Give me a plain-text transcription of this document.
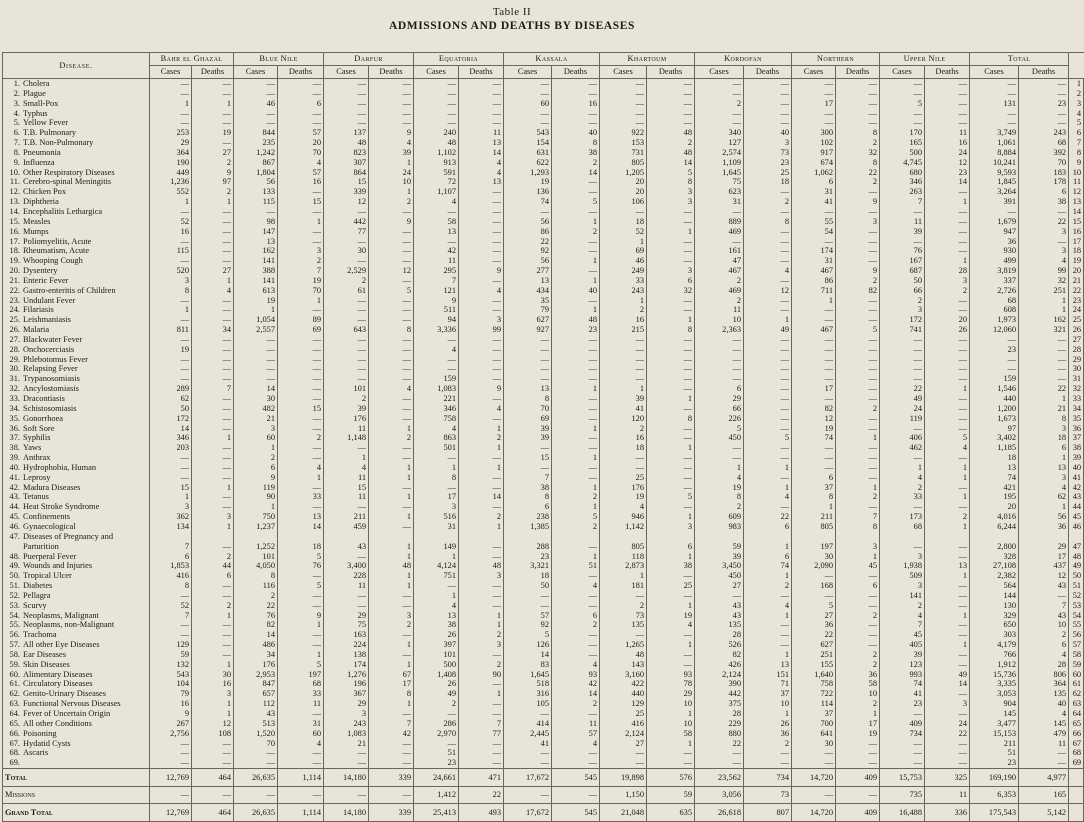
Table II
ADMISSIONS AND DEATHS BY DISEASES
Disease.	Bahr el Ghazal		Blue Nile		Darfur		Equatoria		Kassala		Khartoum		Kordofan		Northern		Upper Nile		Total		
	Cases	Deaths	Cases	Deaths	Cases	Deaths	Cases	Deaths	Cases	Deaths	Cases	Deaths	Cases	Deaths	Cases	Deaths	Cases	Deaths	Cases	Deaths	
1. Cholera	—	—	—	—	—	—	—	—	—	—	—	—	—	—	—	—	—	—	—	—	1
2. Plague	—	—	—	—	—	—	—	—	—	—	—	—	—	—	—	—	—	—	—	—	2
3. Small-Pox	1	1	46	6	—	—	—	—	60	16	—	—	2	—	17	—	5	—	131	23	3
4. Typhus	—	—	—	—	—	—	—	—	—	—	—	—	—	—	—	—	—	—	—	—	4
5. Yellow Fever	—	—	—	—	—	—	—	—	—	—	—	—	—	—	—	—	—	—	—	—	5
6. T.B. Pulmonary	253	19	844	57	137	9	240	11	543	40	922	48	340	40	300	8	170	11	3,749	243	6
7. T.B. Non-Pulmonary	29	—	235	20	48	4	48	13	154	8	153	2	127	3	102	2	165	16	1,061	68	7
8. Pneumonia	364	27	1,242	70	823	39	1,102	14	631	38	731	48	2,574	73	917	32	500	24	8,884	392	8
9. Influenza	190	2	867	4	307	1	913	4	622	2	805	14	1,109	23	674	8	4,745	12	10,241	70	9
10. Other Respiratory Diseases	449	9	1,804	57	864	24	591	4	1,293	14	1,205	5	1,645	25	1,062	22	680	23	9,593	183	10
11. Cerebro-spinal Meningitis	1,236	97	56	16	15	10	72	13	19	—	20	8	75	18	6	2	346	14	1,845	178	11
12. Chicken Pox	552	2	133	—	339	1	1,107	—	136	—	20	3	623	—	31	—	263	—	3,264	6	12
13. Diphtheria	1	1	115	15	12	2	4	—	74	5	106	3	31	2	41	9	7	1	391	38	13
14. Encephalitis Lethargica	—	—	—	—	—	—	—	—	—	—	—	—	—	—	—	—	—	—	—	—	14
15. Measles	52	—	98	1	442	9	58	—	56	1	18	—	889	8	55	3	11	—	1,679	22	15
16. Mumps	16	—	147	—	77	—	13	—	86	2	52	1	469	—	54	—	39	—	947	3	16
17. Poliomyelitis, Acute	—	—	13	—	—	—	—	—	22	—	1	—	—	—	—	—	—	—	36	—	17
18. Rheumatism, Acute	115	—	162	3	30	—	42	—	92	—	69	—	161	—	174	—	76	—	930	3	18
19. Whooping Cough	—	—	141	2	—	—	11	—	56	1	46	—	47	—	31	—	167	1	499	4	19
20. Dysentery	520	27	388	7	2,529	12	295	9	277	—	249	3	467	4	467	9	687	28	3,819	99	20
21. Enteric Fever	3	1	141	19	2	—	7	—	13	1	33	6	2	—	86	2	50	3	337	32	21
22. Gastro-enteritis of Children	8	4	613	70	61	5	121	4	434	40	243	32	469	12	711	82	66	2	2,726	251	22
23. Undulant Fever	—	—	19	1	—	—	9	—	35	—	1	—	2	—	1	—	2	—	68	1	23
24. Filariasis	1	—	1	—	—	—	511	—	79	1	2	—	11	—	—	—	3	—	608	1	24
25. Leishmaniasis	—	—	1,054	89	—	—	94	3	627	48	16	1	10	1	—	—	172	20	1,973	162	25
26. Malaria	811	34	2,557	69	643	8	3,336	99	927	23	215	8	2,363	49	467	5	741	26	12,060	321	26
27. Blackwater Fever	—	—	—	—	—	—	—	—	—	—	—	—	—	—	—	—	—	—	—	—	27
28. Onchocerciasis	19	—	—	—	—	—	4	—	—	—	—	—	—	—	—	—	—	—	23	—	28
29. Phlebotomus Fever	—	—	—	—	—	—	—	—	—	—	—	—	—	—	—	—	—	—	—	—	29
30. Relapsing Fever	—	—	—	—	—	—	—	—	—	—	—	—	—	—	—	—	—	—	—	—	30
31. Trypanosomiasis	—	—	—	—	—	—	159	—	—	—	—	—	—	—	—	—	—	—	159	—	31
32. Ancylostomiasis	289	7	14	—	101	4	1,083	9	13	1	1	—	6	—	17	—	22	1	1,546	22	32
33. Dracontiasis	62	—	30	—	2	—	221	—	8	—	39	1	29	—	—	—	49	—	440	1	33
34. Schistosomiasis	50	—	482	15	39	—	346	4	70	—	41	—	66	—	82	2	24	—	1,200	21	34
35. Gonorrhoea	172	—	21	—	176	—	758	—	69	—	120	8	226	—	12	—	119	—	1,673	8	35
36. Soft Sore	14	—	3	—	11	1	4	1	39	1	2	—	5	—	19	—	—	—	97	3	36
37. Syphilis	346	1	60	2	1,148	2	863	2	39	—	16	—	450	5	74	1	406	5	3,402	18	37
38. Yaws	203	—	1	—	—	—	501	1	—	—	18	1	—	—	—	—	462	4	1,185	6	38
39. Anthrax	—	—	2	—	1	—	—	—	15	1	—	—	—	—	—	—	—	—	18	1	39
40. Hydrophobia, Human	—	—	6	4	4	1	1	1	—	—	—	—	1	1	—	—	1	1	13	13	40
41. Leprosy	—	—	9	1	11	1	8	—	7	—	25	—	4	—	6	—	4	1	74	3	41
42. Madura Diseases	15	1	119	—	15	—	—	—	38	1	176	—	19	1	37	1	2	—	421	4	42
43. Tetanus	1	—	90	33	11	1	17	14	8	2	19	5	8	4	8	2	33	1	195	62	43
44. Heat Stroke Syndrome	3	—	1	—	—	—	3	—	6	1	4	—	2	—	1	—	—	—	20	1	44
45. Confinements	362	3	750	13	211	1	516	2	238	5	946	1	609	22	211	7	173	2	4,016	56	45
46. Gynaecological	134	1	1,237	14	459	—	31	1	1,385	2	1,142	3	983	6	805	8	68	1	6,244	36	46
47. Diseases of Pregnancy and																					
Parturition	7	—	1,252	18	43	1	149	—	288	—	805	6	59	1	197	3	—	—	2,800	29	47
48. Puerperal Fever	6	2	101	5	—	1	1	—	23	1	118	1	39	6	30	1	3	—	328	17	48
49. Wounds and Injuries	1,853	44	4,050	76	3,400	48	4,124	48	3,321	51	2,873	38	3,450	74	2,090	45	1,938	13	27,108	437	49
50. Tropical Ulcer	416	6	8	—	228	1	751	3	18	—	1	—	450	1	—	—	509	1	2,382	12	50
51. Diabetes	8	—	116	5	11	1	—	—	50	4	181	25	27	2	168	6	3	—	564	43	51
52. Pellagra	—	—	2	—	—	—	1	—	—	—	—	—	—	—	—	—	141	—	144	—	52
53. Scurvy	52	2	22	—	—	—	4	—	—	—	2	1	43	4	5	—	2	—	130	7	53
54. Neoplasms, Malignant	7	1	76	9	29	3	13	1	57	6	73	19	43	1	27	2	4	1	329	43	54
55. Neoplasms, non-Malignant	—	—	82	1	75	2	38	1	92	2	135	4	135	—	36	—	7	—	650	10	55
56. Trachoma	—	—	14	—	163	—	26	2	5	—	—	—	28	—	22	—	45	—	303	2	56
57. All other Eye Diseases	129	—	486	—	224	1	397	3	126	—	1,265	1	526	—	627	—	405	1	4,179	6	57
58. Ear Diseases	59	—	34	1	138	—	101	—	14	—	48	—	82	1	251	2	39	—	766	4	58
59. Skin Diseases	132	1	176	5	174	1	500	2	83	4	143	—	426	13	155	2	123	—	1,912	28	59
60. Alimentary Diseases	543	30	2,953	197	1,276	67	1,408	90	1,645	93	3,160	93	2,124	151	1,640	36	993	49	15,736	806	60
61. Circulatory Diseases	104	16	847	68	196	17	26	—	518	42	422	78	390	71	758	58	74	14	3,335	364	61
62. Genito-Urinary Diseases	79	3	657	33	367	8	49	1	316	14	440	29	442	37	722	10	41	—	3,053	135	62
63. Functional Nervous Diseases	16	1	112	11	29	1	2	—	105	2	129	10	375	10	114	2	23	3	904	40	63
64. Fever of Uncertain Origin	9	1	43	—	3	—	—	—	—	—	25	1	28	1	37	1	—	—	145	4	64
65. All other Conditions	267	12	513	31	243	7	286	7	414	11	416	10	229	26	700	17	409	24	3,477	145	65
66. Poisoning	2,756	108	1,520	60	1,083	42	2,970	77	2,445	57	2,124	58	880	36	641	19	734	22	15,153	479	66
67. Hydatid Cysts	—	—	70	4	21	—	—	—	41	4	27	1	22	2	30	—	—	—	211	11	67
68. Ascaris	—	—	—	—	—	—	51	—	—	—	—	—	—	—	—	—	—	—	51	—	68
69.	—	—	—	—	—	—	23	—	—	—	—	—	—	—	—	—	—	—	23	—	69
Total	12,769	464	26,635	1,114	14,180	339	24,661	471	17,672	545	19,898	576	23,562	734	14,720	409	15,753	325	169,190	4,977	
Missions	—	—	—	—	—	—	1,412	22	—	—	1,150	59	3,056	73	—	—	735	11	6,353	165	
Grand Total	12,769	464	26,635	1,114	14,180	339	25,413	493	17,672	545	21,048	635	26,618	807	14,720	409	16,488	336	175,543	5,142	
